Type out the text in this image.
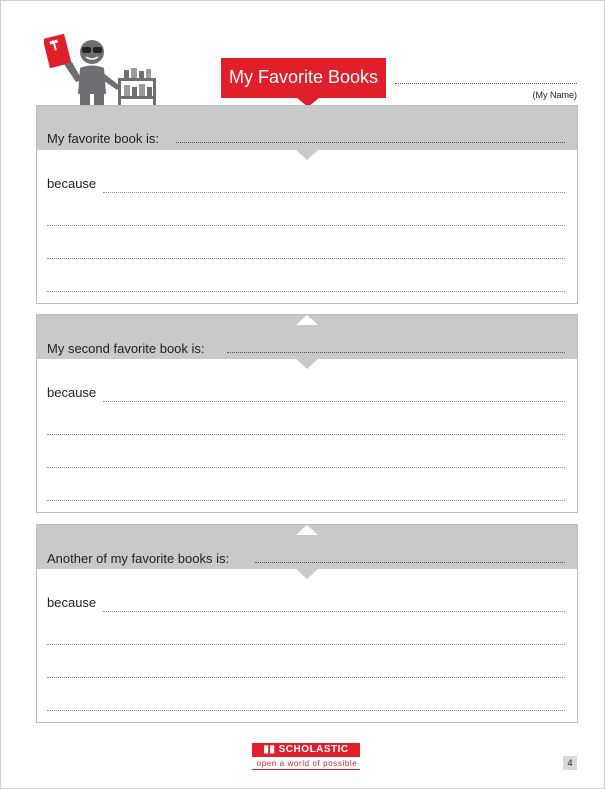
My Favorite Books
(My Name)
My favorite book is:
because
My second favorite book is:
because
Another of my favorite books is:
because
▮▮ SCHOLASTIC
open a world of possible	4
